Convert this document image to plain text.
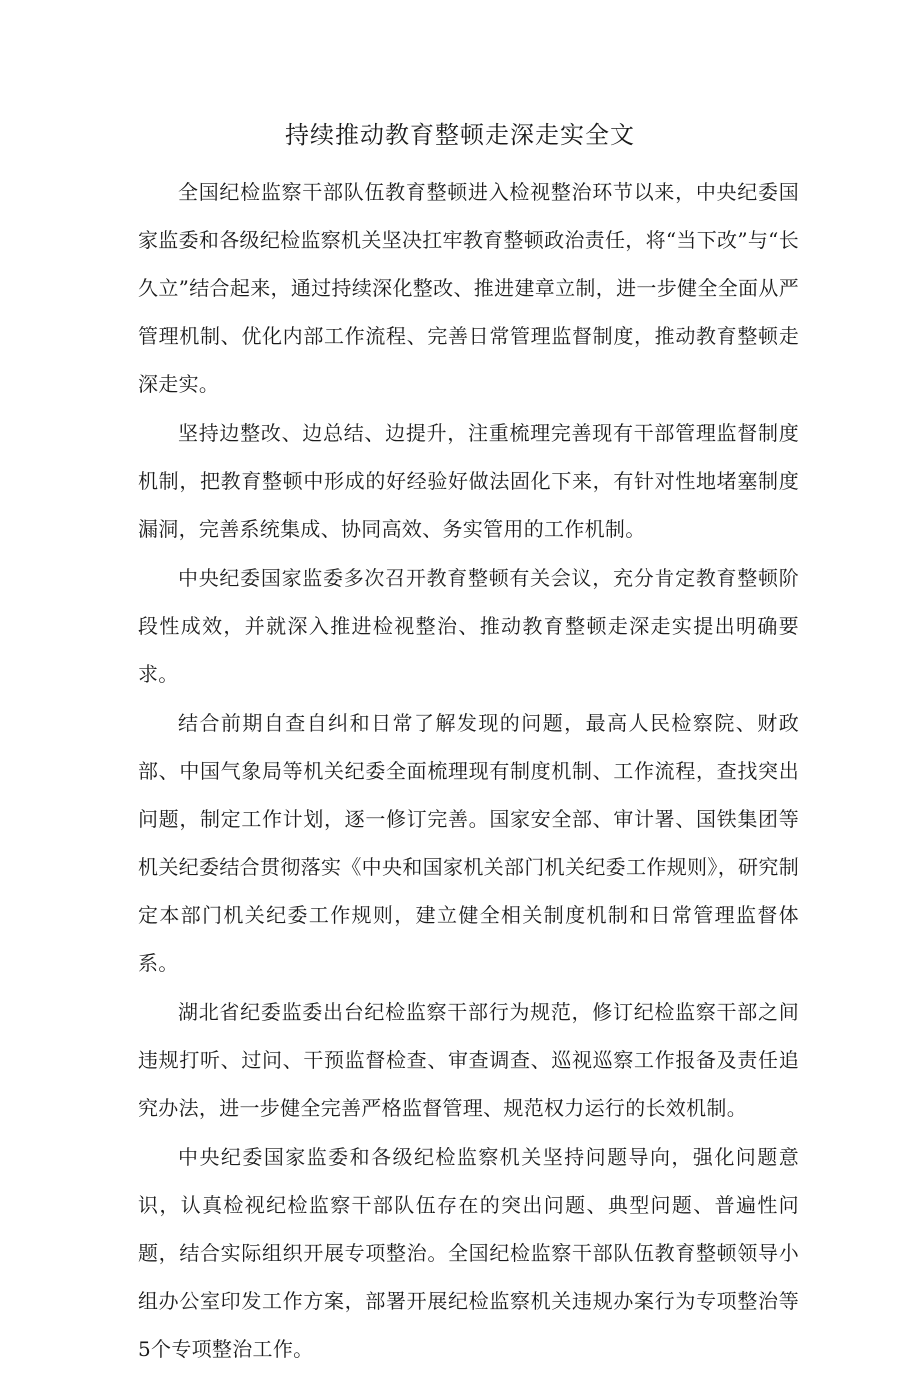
持续推动教育整顿走深走实全文

全国纪检监察干部队伍教育整顿进入检视整治环节以来，中央纪委国家监委和各级纪检监察机关坚决扛牢教育整顿政治责任，将“当下改”与“长久立”结合起来，通过持续深化整改、推进建章立制，进一步健全全面从严管理机制、优化内部工作流程、完善日常管理监督制度，推动教育整顿走深走实。

坚持边整改、边总结、边提升，注重梳理完善现有干部管理监督制度机制，把教育整顿中形成的好经验好做法固化下来，有针对性地堵塞制度漏洞，完善系统集成、协同高效、务实管用的工作机制。

中央纪委国家监委多次召开教育整顿有关会议，充分肯定教育整顿阶段性成效，并就深入推进检视整治、推动教育整顿走深走实提出明确要求。

结合前期自查自纠和日常了解发现的问题，最高人民检察院、财政部、中国气象局等机关纪委全面梳理现有制度机制、工作流程，查找突出问题，制定工作计划，逐一修订完善。国家安全部、审计署、国铁集团等机关纪委结合贯彻落实《中央和国家机关部门机关纪委工作规则》，研究制定本部门机关纪委工作规则，建立健全相关制度机制和日常管理监督体系。

湖北省纪委监委出台纪检监察干部行为规范，修订纪检监察干部之间违规打听、过问、干预监督检查、审查调查、巡视巡察工作报备及责任追究办法，进一步健全完善严格监督管理、规范权力运行的长效机制。

中央纪委国家监委和各级纪检监察机关坚持问题导向，强化问题意识，认真检视纪检监察干部队伍存在的突出问题、典型问题、普遍性问题，结合实际组织开展专项整治。全国纪检监察干部队伍教育整顿领导小组办公室印发工作方案，部署开展纪检监察机关违规办案行为专项整治等5个专项整治工作。
